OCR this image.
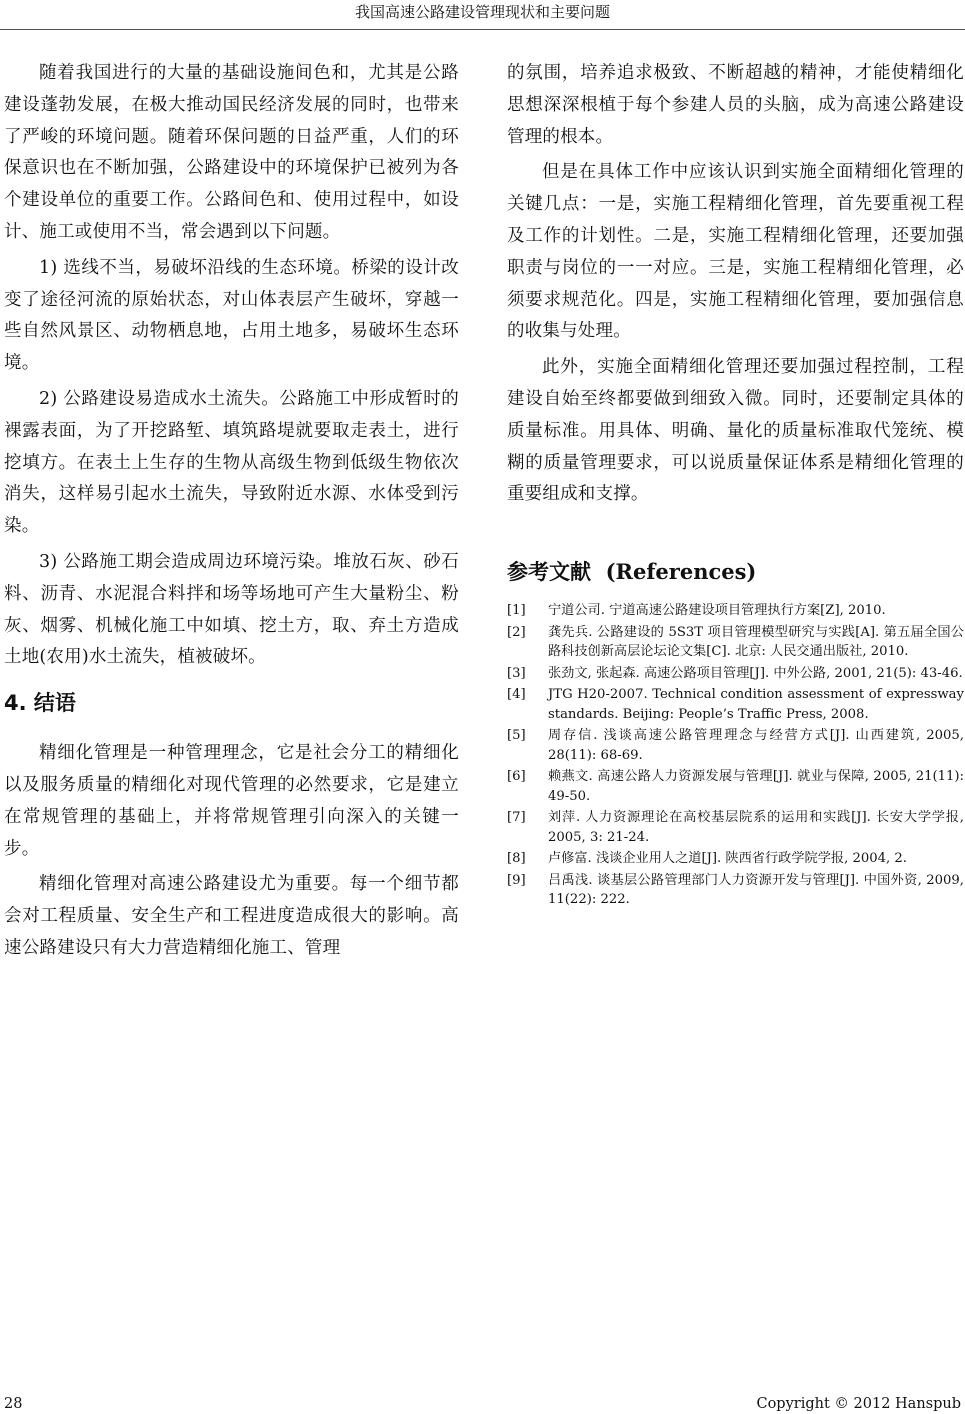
我国高速公路建设管理现状和主要问题

随着我国进行的大量的基础设施间色和，尤其是公路建设蓬勃发展，在极大推动国民经济发展的同时，也带来了严峻的环境问题。随着环保问题的日益严重，人们的环保意识也在不断加强，公路建设中的环境保护已被列为各个建设单位的重要工作。公路间色和、使用过程中，如设计、施工或使用不当，常会遇到以下问题。

1) 选线不当，易破坏沿线的生态环境。桥梁的设计改变了途径河流的原始状态，对山体表层产生破坏，穿越一些自然风景区、动物栖息地，占用土地多，易破坏生态环境。

2) 公路建设易造成水土流失。公路施工中形成暂时的裸露表面，为了开挖路堑、填筑路堤就要取走表土，进行挖填方。在表土上生存的生物从高级生物到低级生物依次消失，这样易引起水土流失，导致附近水源、水体受到污染。

3) 公路施工期会造成周边环境污染。堆放石灰、砂石料、沥青、水泥混合料拌和场等场地可产生大量粉尘、粉灰、烟雾、机械化施工中如填、挖土方，取、弃土方造成土地(农用)水土流失，植被破坏。

4. 结语

精细化管理是一种管理理念，它是社会分工的精细化以及服务质量的精细化对现代管理的必然要求，它是建立在常规管理的基础上，并将常规管理引向深入的关键一步。

精细化管理对高速公路建设尤为重要。每一个细节都会对工程质量、安全生产和工程进度造成很大的影响。高速公路建设只有大力营造精细化施工、管理

的氛围，培养追求极致、不断超越的精神，才能使精细化思想深深根植于每个参建人员的头脑，成为高速公路建设管理的根本。

但是在具体工作中应该认识到实施全面精细化管理的关键几点：一是，实施工程精细化管理，首先要重视工程及工作的计划性。二是，实施工程精细化管理，还要加强职责与岗位的一一对应。三是，实施工程精细化管理，必须要求规范化。四是，实施工程精细化管理，要加强信息的收集与处理。

此外，实施全面精细化管理还要加强过程控制，工程建设自始至终都要做到细致入微。同时，还要制定具体的质量标准。用具体、明确、量化的质量标准取代笼统、模糊的质量管理要求，可以说质量保证体系是精细化管理的重要组成和支撑。

参考文献 (References)
[1] 宁道公司. 宁道高速公路建设项目管理执行方案[Z], 2010.
[2] 龚先兵. 公路建设的 5S3T 项目管理模型研究与实践[A]. 第五届全国公路科技创新高层论坛论文集[C]. 北京: 人民交通出版社, 2010.
[3] 张劲文, 张起森. 高速公路项目管理[J]. 中外公路, 2001, 21(5): 43-46.
[4] JTG H20-2007. Technical condition assessment of expressway standards. Beijing: People’s Traffic Press, 2008.
[5] 周存信. 浅谈高速公路管理理念与经营方式[J]. 山西建筑, 2005, 28(11): 68-69.
[6] 赖燕文. 高速公路人力资源发展与管理[J]. 就业与保障, 2005, 21(11): 49-50.
[7] 刘萍. 人力资源理论在高校基层院系的运用和实践[J]. 长安大学学报, 2005, 3: 21-24.
[8] 卢修富. 浅谈企业用人之道[J]. 陕西省行政学院学报, 2004, 2.
[9] 吕禹浅. 谈基层公路管理部门人力资源开发与管理[J]. 中国外资, 2009, 11(22): 222.
28	Copyright © 2012 Hanspub
